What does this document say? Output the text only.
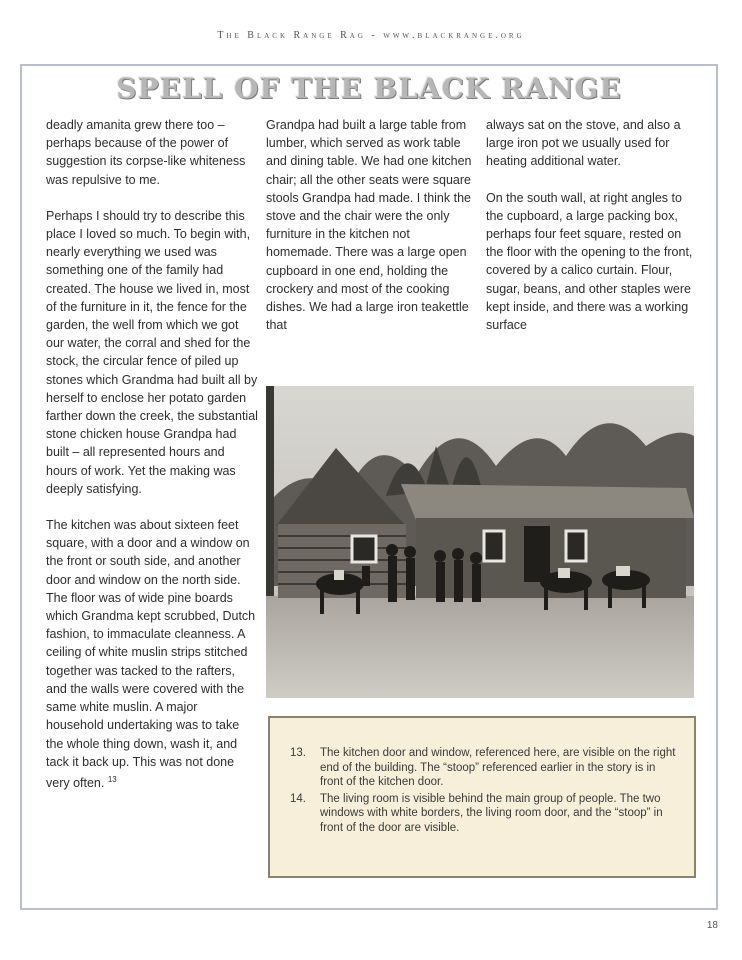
The Black Range Rag - www.blackrange.org
SPELL OF THE BLACK RANGE

deadly amanita grew there too – perhaps because of the power of suggestion its corpse-like whiteness was repulsive to me.

Perhaps I should try to describe this place I loved so much. To begin with, nearly everything we used was something one of the family had created. The house we lived in, most of the furniture in it, the fence for the garden, the well from which we got our water, the corral and shed for the stock, the circular fence of piled up stones which Grandma had built all by herself to enclose her potato garden farther down the creek, the substantial stone chicken house Grandpa had built – all represented hours and hours of work. Yet the making was deeply satisfying.

The kitchen was about sixteen feet square, with a door and a window on the front or south side, and another door and window on the north side. The floor was of wide pine boards which Grandma kept scrubbed, Dutch fashion, to immaculate cleanness. A ceiling of white muslin strips stitched together was tacked to the rafters, and the walls were covered with the same white muslin. A major household undertaking was to take the whole thing down, wash it, and tack it back up. This was not done very often. $^{13}$

Grandpa had built a large table from lumber, which served as work table and dining table. We had one kitchen chair; all the other seats were square stools Grandpa had made. I think the stove and the chair were the only furniture in the kitchen not homemade. There was a large open cupboard in one end, holding the crockery and most of the cooking dishes. We had a large iron teakettle that

always sat on the stove, and also a large iron pot we usually used for heating additional water.

On the south wall, at right angles to the cupboard, a large packing box, perhaps four feet square, rested on the floor with the opening to the front, covered by a calico curtain. Flour, sugar, beans, and other staples were kept inside, and there was a working surface

13. The kitchen door and window, referenced here, are visible on the right end of the building. The “stoop” referenced earlier in the story is in front of the kitchen door.
14. The living room is visible behind the main group of people. The two windows with white borders, the living room door, and the “stoop” in front of the door are visible.
18
